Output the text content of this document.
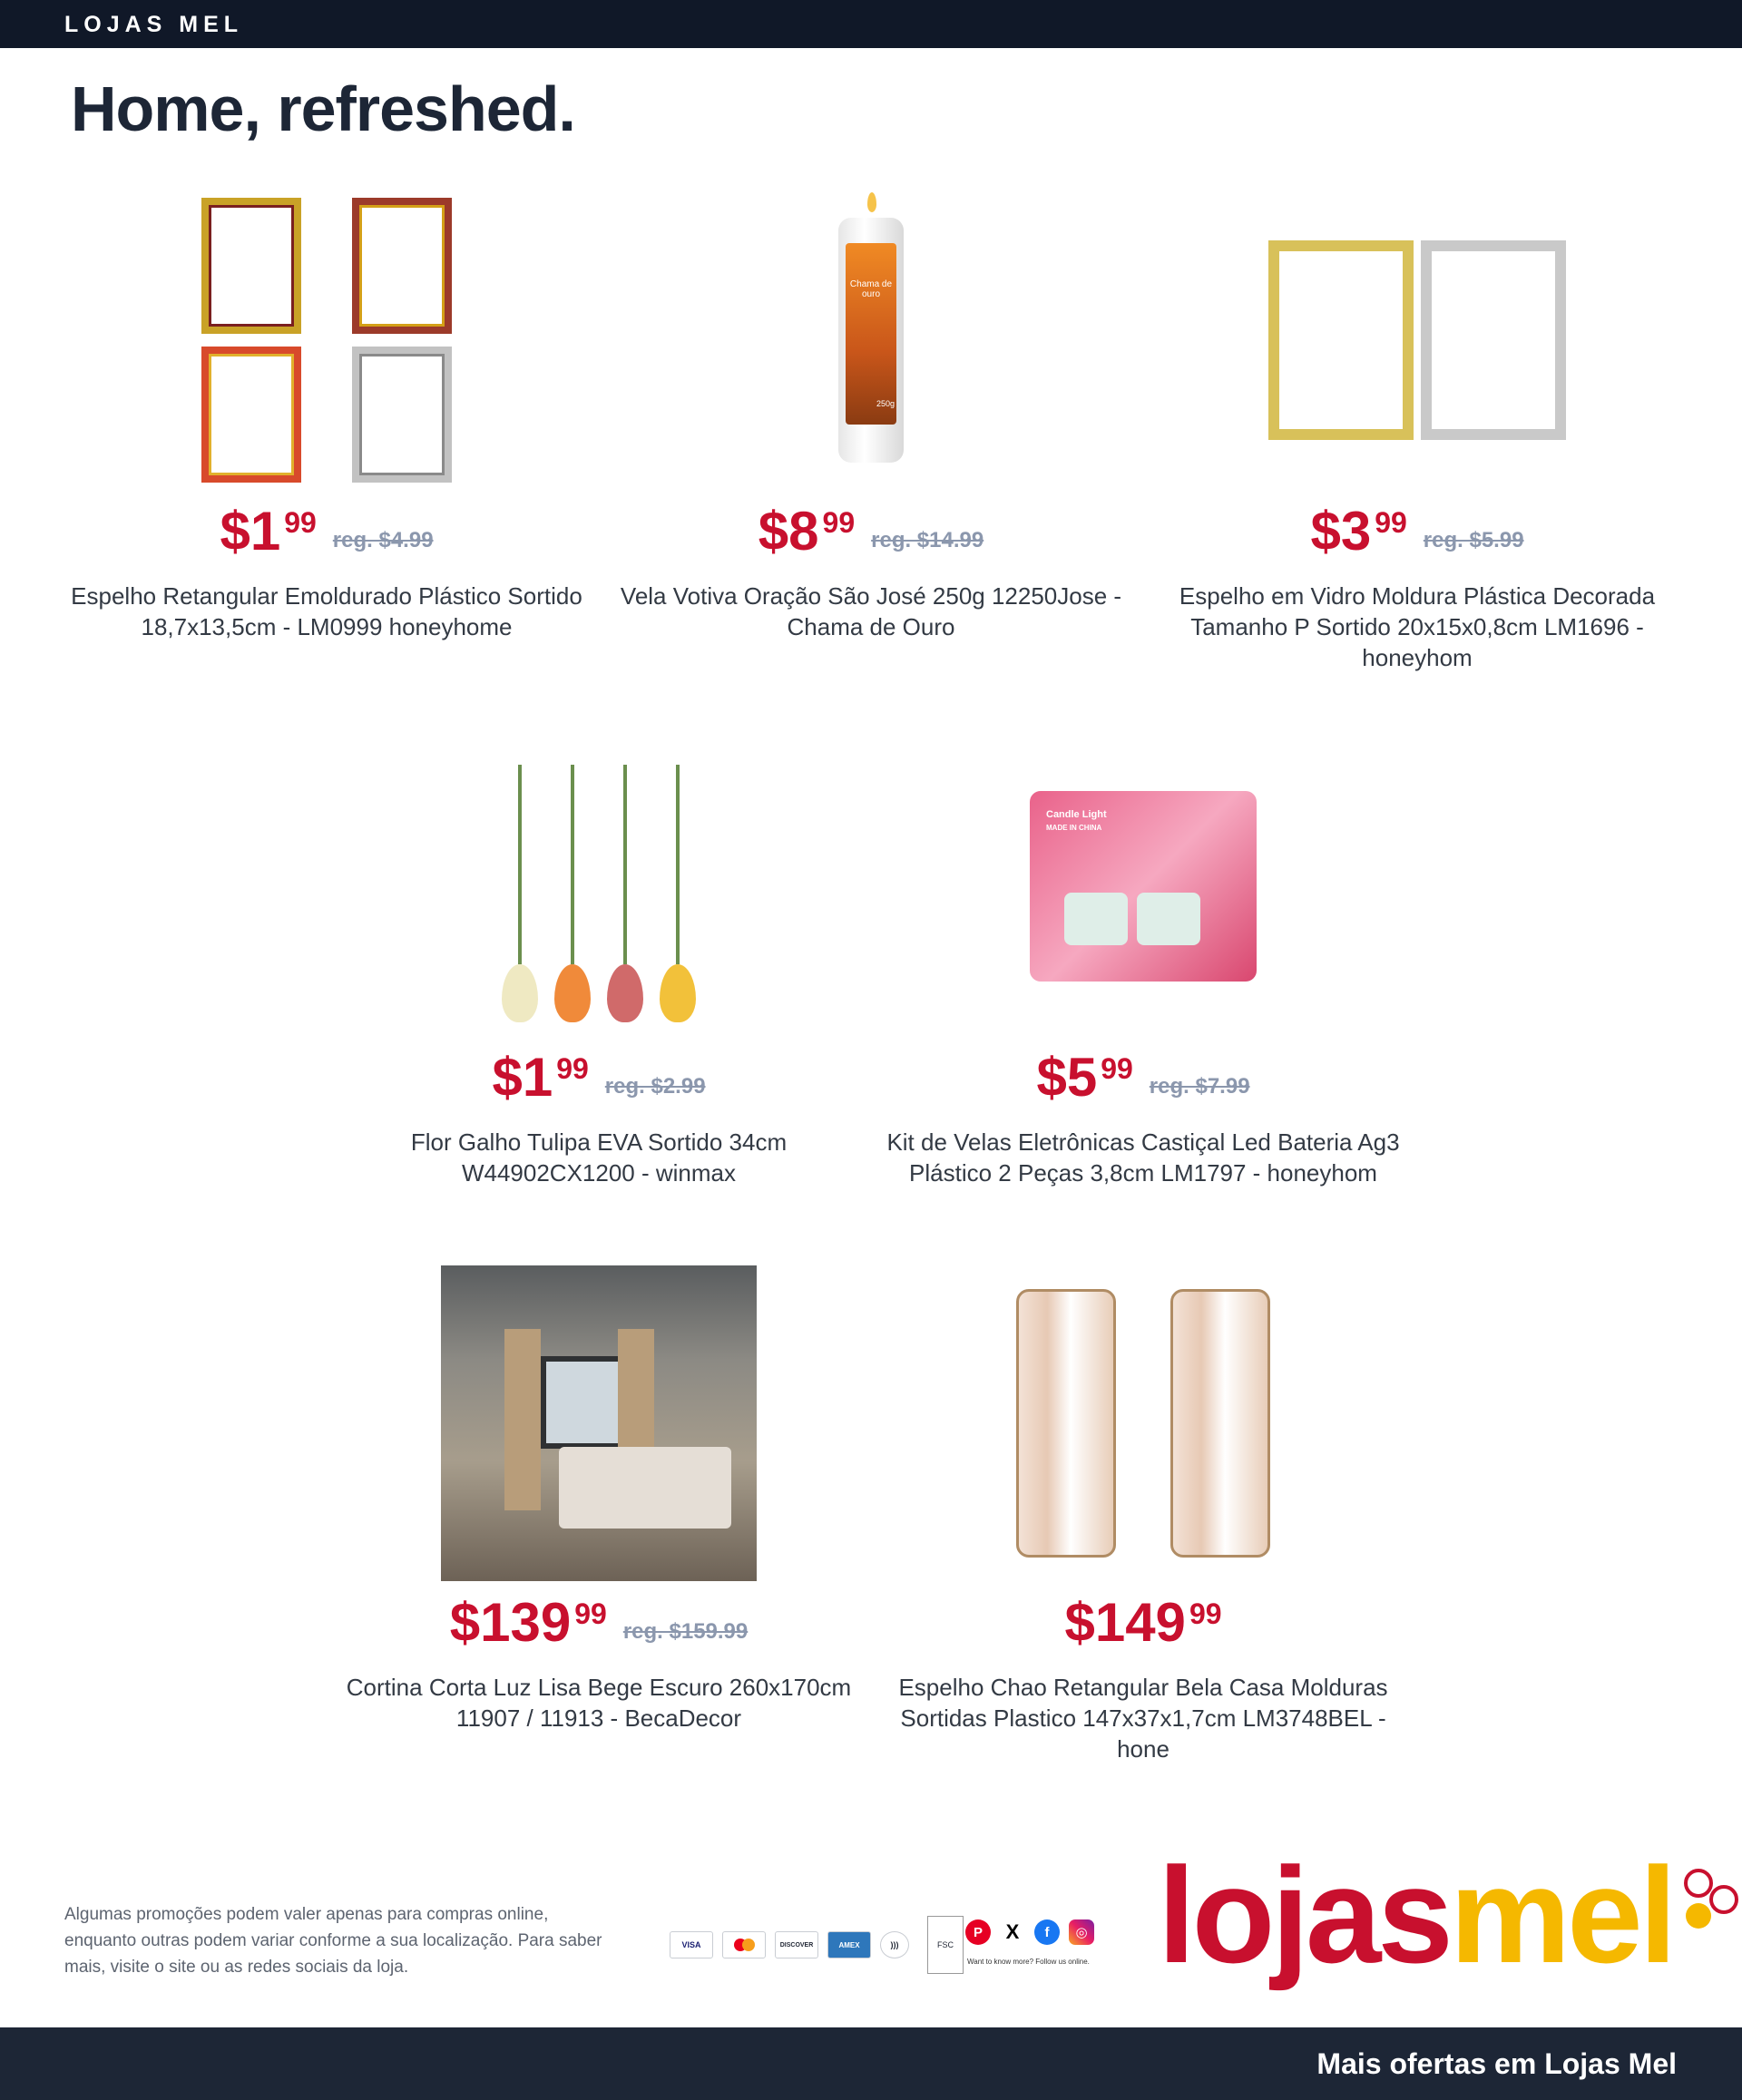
LOJAS MEL
Home, refreshed.
$1 99
reg. $4.99
Espelho Retangular Emoldurado Plástico Sortido 18,7x13,5cm - LM0999 honeyhome
Chama de ouro
250g
$8 99
reg. $14.99
Vela Votiva Oração São José 250g 12250Jose - Chama de Ouro
$3 99
reg. $5.99
Espelho em Vidro Moldura Plástica Decorada Tamanho P Sortido 20x15x0,8cm LM1696 - honeyhom
$1 99
reg. $2.99
Flor Galho Tulipa EVA Sortido 34cm W44902CX1200 - winmax
Candle Light
MADE IN CHINA
$5 99
reg. $7.99
Kit de Velas Eletrônicas Castiçal Led Bateria Ag3 Plástico 2 Peças 3,8cm LM1797 - honeyhom
$139 99
reg. $159.99
Cortina Corta Luz Lisa Bege Escuro 260x170cm 11907 / 11913 - BecaDecor
$149 99
Espelho Chao Retangular Bela Casa Molduras Sortidas Plastico 147x37x1,7cm LM3748BEL - hone

Algumas promoções podem valer apenas para compras online, enquanto outras podem variar conforme a sua localização. Para saber mais, visite o site ou as redes sociais da loja.

VISA	DISCOVER	AMEX	)))	FSC
P	X	f	◎
Want to know more? Follow us online. lojas mel
Mais ofertas em Lojas Mel
